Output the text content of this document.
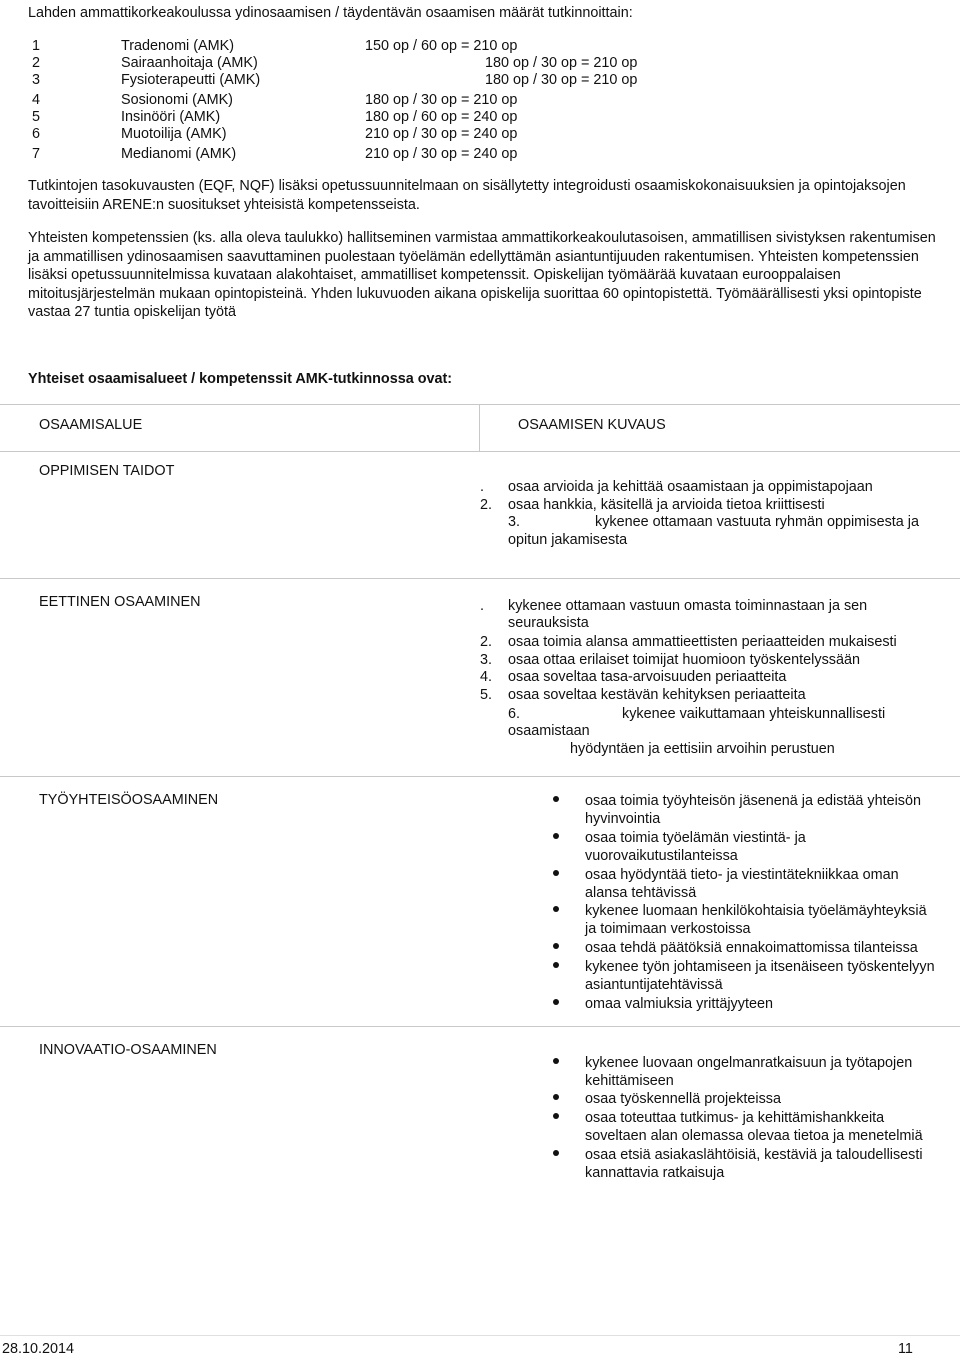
Lahden ammattikorkeakoulussa ydinosaamisen / täydentävän osaamisen määrät tutkinnoittain:
1	Tradenomi (AMK)	150 op / 60 op = 210 op
2	Sairaanhoitaja (AMK)	180 op / 30 op = 210 op
3	Fysioterapeutti (AMK)	180 op / 30 op = 210 op
4	Sosionomi (AMK)	180 op / 30 op = 210 op
5	Insinööri (AMK)	180 op / 60 op = 240 op
6	Muotoilija (AMK)	210 op / 30 op = 240 op
7	Medianomi (AMK)	210 op / 30 op = 240 op
Tutkintojen tasokuvausten (EQF, NQF) lisäksi opetussuunnitelmaan on sisällytetty integroidusti osaamiskokonaisuuksien ja opintojaksojen tavoitteisiin ARENE:n suositukset yhteisistä kompetensseista.
Yhteisten kompetenssien (ks. alla oleva taulukko) hallitseminen varmistaa ammattikorkeakoulutasoisen, ammatillisen sivistyksen rakentumisen ja ammatillisen ydinosaamisen saavuttaminen puolestaan työelämän edellyttämän asiantuntijuuden rakentumisen. Yhteisten kompetenssien lisäksi opetussuunnitelmissa kuvataan alakohtaiset, ammatilliset kompetenssit. Opiskelijan työmäärää kuvataan eurooppalaisen mitoitusjärjestelmän mukaan opintopisteinä. Yhden lukuvuoden aikana opiskelija suorittaa 60 opintopistettä. Työmäärällisesti yksi opintopiste vastaa 27 tuntia opiskelijan työtä
Yhteiset osaamisalueet / kompetenssit AMK-tutkinnossa ovat:
OSAAMISALUE	OSAAMISEN KUVAUS
OPPIMISEN TAIDOT
. osaa arvioida ja kehittää osaamistaan ja oppimistapojaan
2. osaa hankkia, käsitellä ja arvioida tietoa kriittisesti
3.	kykenee ottamaan vastuuta ryhmän oppimisesta ja
opitun jakamisesta
EETTINEN OSAAMINEN	. kykenee ottamaan vastuun omasta toiminnastaan ja sen
seurauksista
2. osaa toimia alansa ammattieettisten periaatteiden mukaisesti
3. osaa ottaa erilaiset toimijat huomioon työskentelyssään
4. osaa soveltaa tasa-arvoisuuden periaatteita
5. osaa soveltaa kestävän kehityksen periaatteita
6.	kykenee vaikuttamaan yhteiskunnallisesti
osaamistaan
hyödyntäen ja eettisiin arvoihin perustuen
TYÖYHTEISÖOSAAMINEN	osaa toimia työyhteisön jäsenenä ja edistää yhteisön
hyvinvointia
osaa toimia työelämän viestintä- ja
vuorovaikutustilanteissa
osaa hyödyntää tieto- ja viestintätekniikkaa oman
alansa tehtävissä
kykenee luomaan henkilökohtaisia työelämäyhteyksiä
ja toimimaan verkostoissa
osaa tehdä päätöksiä ennakoimattomissa tilanteissa
kykenee työn johtamiseen ja itsenäiseen työskentelyyn
asiantuntijatehtävissä
omaa valmiuksia yrittäjyyteen
INNOVAATIO-OSAAMINEN
kykenee luovaan ongelmanratkaisuun ja työtapojen
kehittämiseen
osaa työskennellä projekteissa
osaa toteuttaa tutkimus- ja kehittämishankkeita
soveltaen alan olemassa olevaa tietoa ja menetelmiä
osaa etsiä asiakaslähtöisiä, kestäviä ja taloudellisesti
kannattavia ratkaisuja
28.10.2014	11
